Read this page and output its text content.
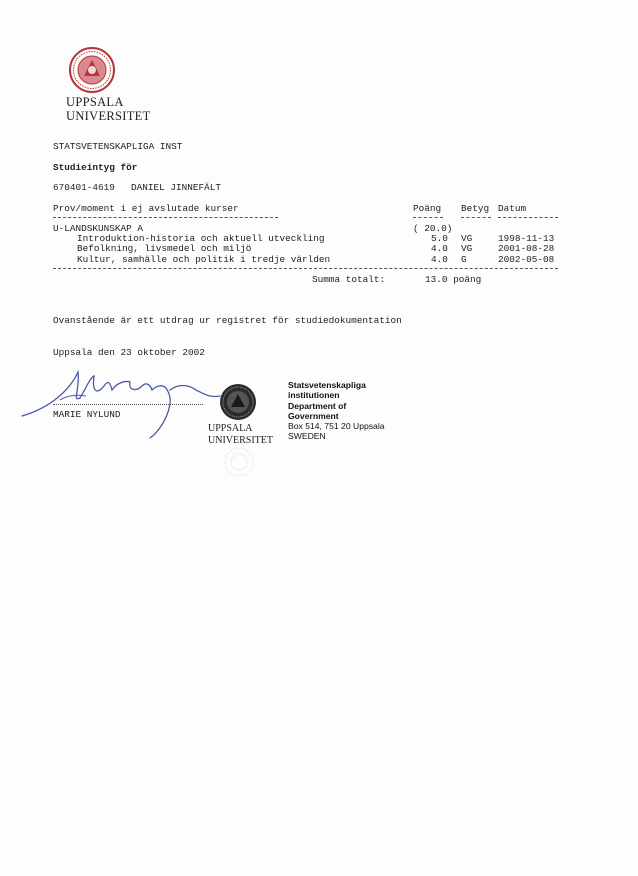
UPPSALA
UNIVERSITET
STATSVETENSKAPLIGA INST
Studieintyg för
670401-4619 DANIEL JINNEFÄLT
Prov/moment i ej avslutade kurser	Poäng Betyg Datum
U-LANDSKUNSKAP A	( 20.0)
Introduktion-historia och aktuell utveckling	5.0 VG	1998-11-13
Befolkning, livsmedel och miljö	4.0 VG	2001-08-28
Kultur, samhälle och politik i tredje världen	4.0 G	2002-05-08
Summa totalt:	13.0 poäng
Ovanstående är ett utdrag ur registret för studiedokumentation
Uppsala den 23 oktober 2002
MARIE NYLUND
UPPSALA
UNIVERSITET
Statsvetenskapliga
institutionen
Department of
Government
Box 514, 751 20 Uppsala
SWEDEN
